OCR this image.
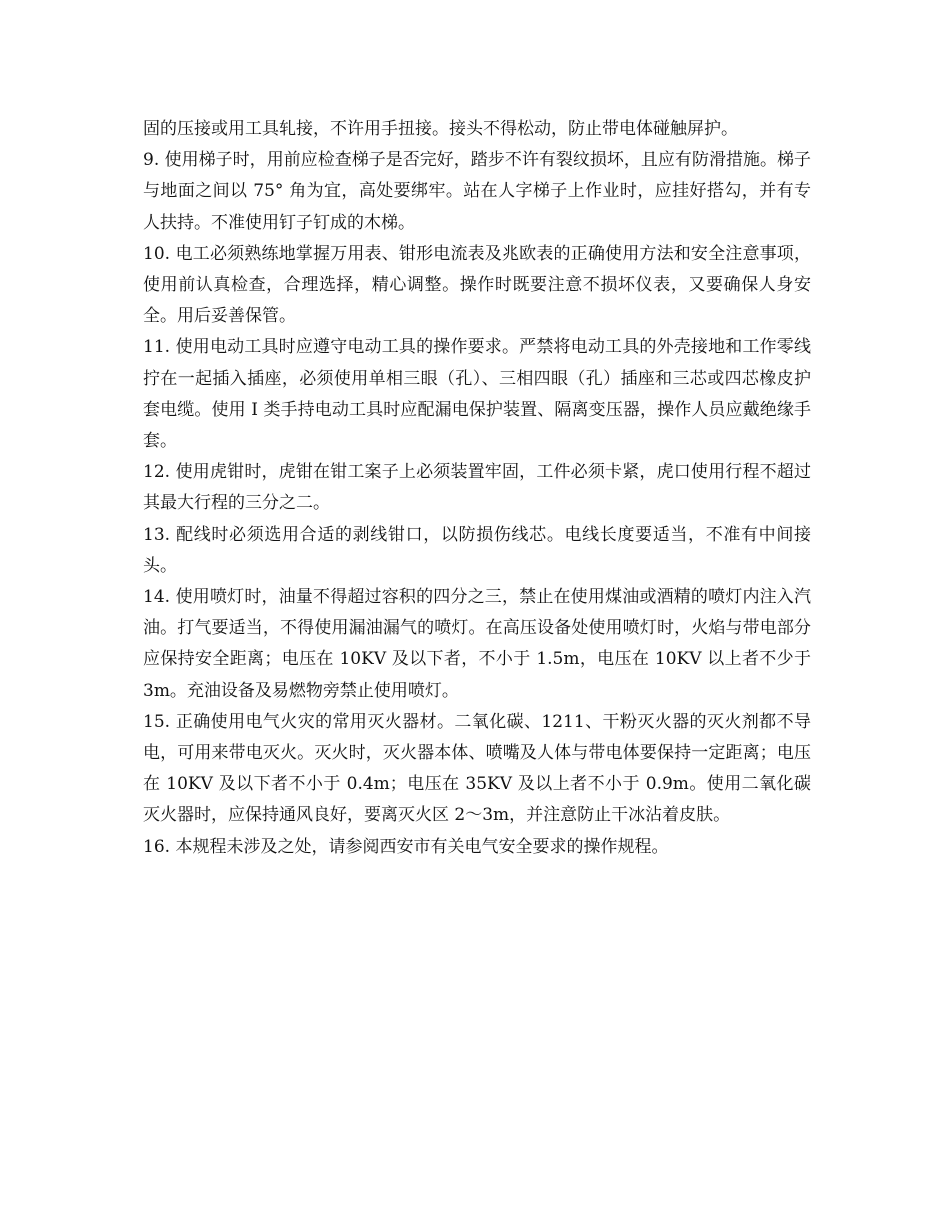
固的压接或用工具轧接，不许用手扭接。接头不得松动，防止带电体碰触屏护。

9. 使用梯子时，用前应检查梯子是否完好，踏步不许有裂纹损坏，且应有防滑措施。梯子与地面之间以 75° 角为宜，高处要绑牢。站在人字梯子上作业时，应挂好搭勾，并有专人扶持。不准使用钉子钉成的木梯。

10. 电工必须熟练地掌握万用表、钳形电流表及兆欧表的正确使用方法和安全注意事项，使用前认真检查，合理选择，精心调整。操作时既要注意不损坏仪表，又要确保人身安全。用后妥善保管。

11. 使用电动工具时应遵守电动工具的操作要求。严禁将电动工具的外壳接地和工作零线拧在一起插入插座，必须使用单相三眼（孔）、三相四眼（孔）插座和三芯或四芯橡皮护套电缆。使用 I 类手持电动工具时应配漏电保护装置、隔离变压器，操作人员应戴绝缘手套。

12. 使用虎钳时，虎钳在钳工案子上必须装置牢固，工件必须卡紧，虎口使用行程不超过其最大行程的三分之二。

13. 配线时必须选用合适的剥线钳口，以防损伤线芯。电线长度要适当，不准有中间接头。

14. 使用喷灯时，油量不得超过容积的四分之三，禁止在使用煤油或酒精的喷灯内注入汽油。打气要适当，不得使用漏油漏气的喷灯。在高压设备处使用喷灯时，火焰与带电部分应保持安全距离；电压在 10KV 及以下者，不小于 1.5m，电压在 10KV 以上者不少于 3m。充油设备及易燃物旁禁止使用喷灯。

15. 正确使用电气火灾的常用灭火器材。二氧化碳、1211、干粉灭火器的灭火剂都不导电，可用来带电灭火。灭火时，灭火器本体、喷嘴及人体与带电体要保持一定距离；电压在 10KV 及以下者不小于 0.4m；电压在 35KV 及以上者不小于 0.9m。使用二氧化碳灭火器时，应保持通风良好，要离灭火区 2～3m，并注意防止干冰沾着皮肤。

16. 本规程未涉及之处，请参阅西安市有关电气安全要求的操作规程。
